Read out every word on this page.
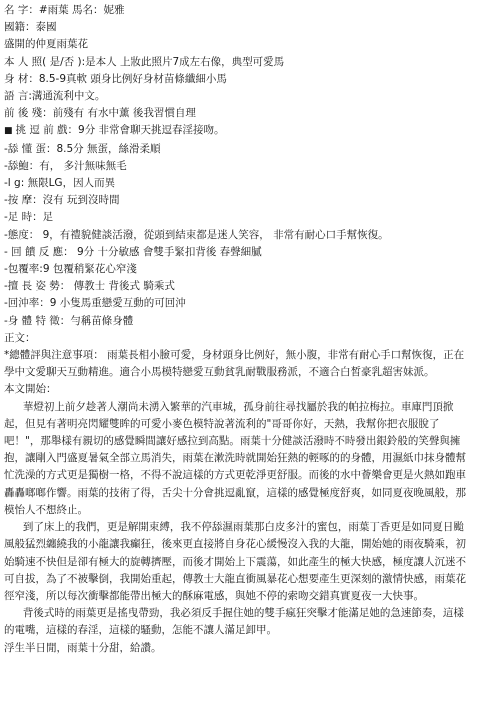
名 字：#雨葉 馬名：妮雅
國籍：泰國
盛開的仲夏雨葉花
本 人 照( 是/否 ):是本人 上妝此照片7成左右像，典型可愛馬
身 材：8.5-9真軟 頭身比例好身材苗條纖細小馬
語 言:溝通流利中文。
前 後 殘：前殘有 有水中薰 後我習慣自理
■ 挑 逗 前 戲：9分 非常會聊天挑逗春淫接吻。
-舔 懂 蛋：8.5分 無蛋，絲滑柔順
-舔鮑：有， 多汁無味無毛
-l g: 無限LG，因人而異
-按 摩：沒有 玩到沒時間
-足 時：足
-態度： 9，有禮貌健談活潑，從頭到結束都是迷人笑容， 非常有耐心口手幫恢復。
- 回 饋 反 應： 9分 十分敏感 會雙手緊扣背後 春聲細膩
-包覆率:9 包覆稍緊花心窄淺
-擅 長 姿 勢： 傳教士 背後式 騎乘式
-回沖率：9 小隻馬重戀愛互動的可回沖
-身 體 特 徵：勻稱苗條身體
正文：

*總體評與注意事項： 雨葉長相小臉可愛，身材頭身比例好，無小腹，非常有耐心手口幫恢復，正在學中文愛聊天互動精進。適合小馬模特戀愛互動貧乳耐戰服務派，不適合白皙豪乳超害妹派。

本文開始：

華燈初上前夕趁著人潮尚未湧入繁華的汽車城，孤身前往尋找屬於我的帕拉梅拉。車庫門頂掀起，但見有著明亮閃耀雙眸的可愛小麥色模特說著流利的"哥哥你好，天熱，我幫你把衣服脫了吧！"，那舉樣有親切的感覺瞬間讓好感拉到高點。雨葉十分健談活潑時不時發出銀鈴般的笑聲與擁抱，讓剛入門盛夏暑氣全部立馬消失，雨葉在漱洗時就開始狂熱的輕啄的的身體，用濕紙巾抹身體幫忙洗澡的方式更是獨樹一格，不得不說這樣的方式更乾淨更舒服。而後的水中薈樂會更是火熱如跑車轟轟啷啷作響。雨葉的技術了得，舌尖十分會挑逗亂竄，這樣的感覺極度舒爽，如同夏夜晚風般，那模怡人不想終止。

到了床上的我們，更是解開束縛，我不停舔濕雨葉那白皮多汁的蜜包，雨葉丁香更是如同夏日颱風般猛烈纏繞我的小龍讓我癲狂，後來更直接將自身花心緩慢沒入我的大龍，開始她的雨夜騎乘，初始騎速不快但是卻有極大的旋轉擠壓，而後才開始上下震蕩，如此產生的極大快感，極度讓人沉迷不可自拔，為了不被擊倒，我開始重起，傳教士大龍直衝風暴花心想要產生更深刻的激情快感，雨葉花徑窄淺，所以每次衝擊都能帶出極大的酥麻電感，與她不停的索吻交錯真實夏夜一大快事。

背後式時的雨葉更是搖曳帶勁，我必須反手握住她的雙手瘋狂突擊才能滿足她的急速節奏，這樣的電嘴，這樣的春淫，這樣的騷動，怎能不讓人滿足卸甲。

浮生半日閒，雨葉十分甜，給讚。
